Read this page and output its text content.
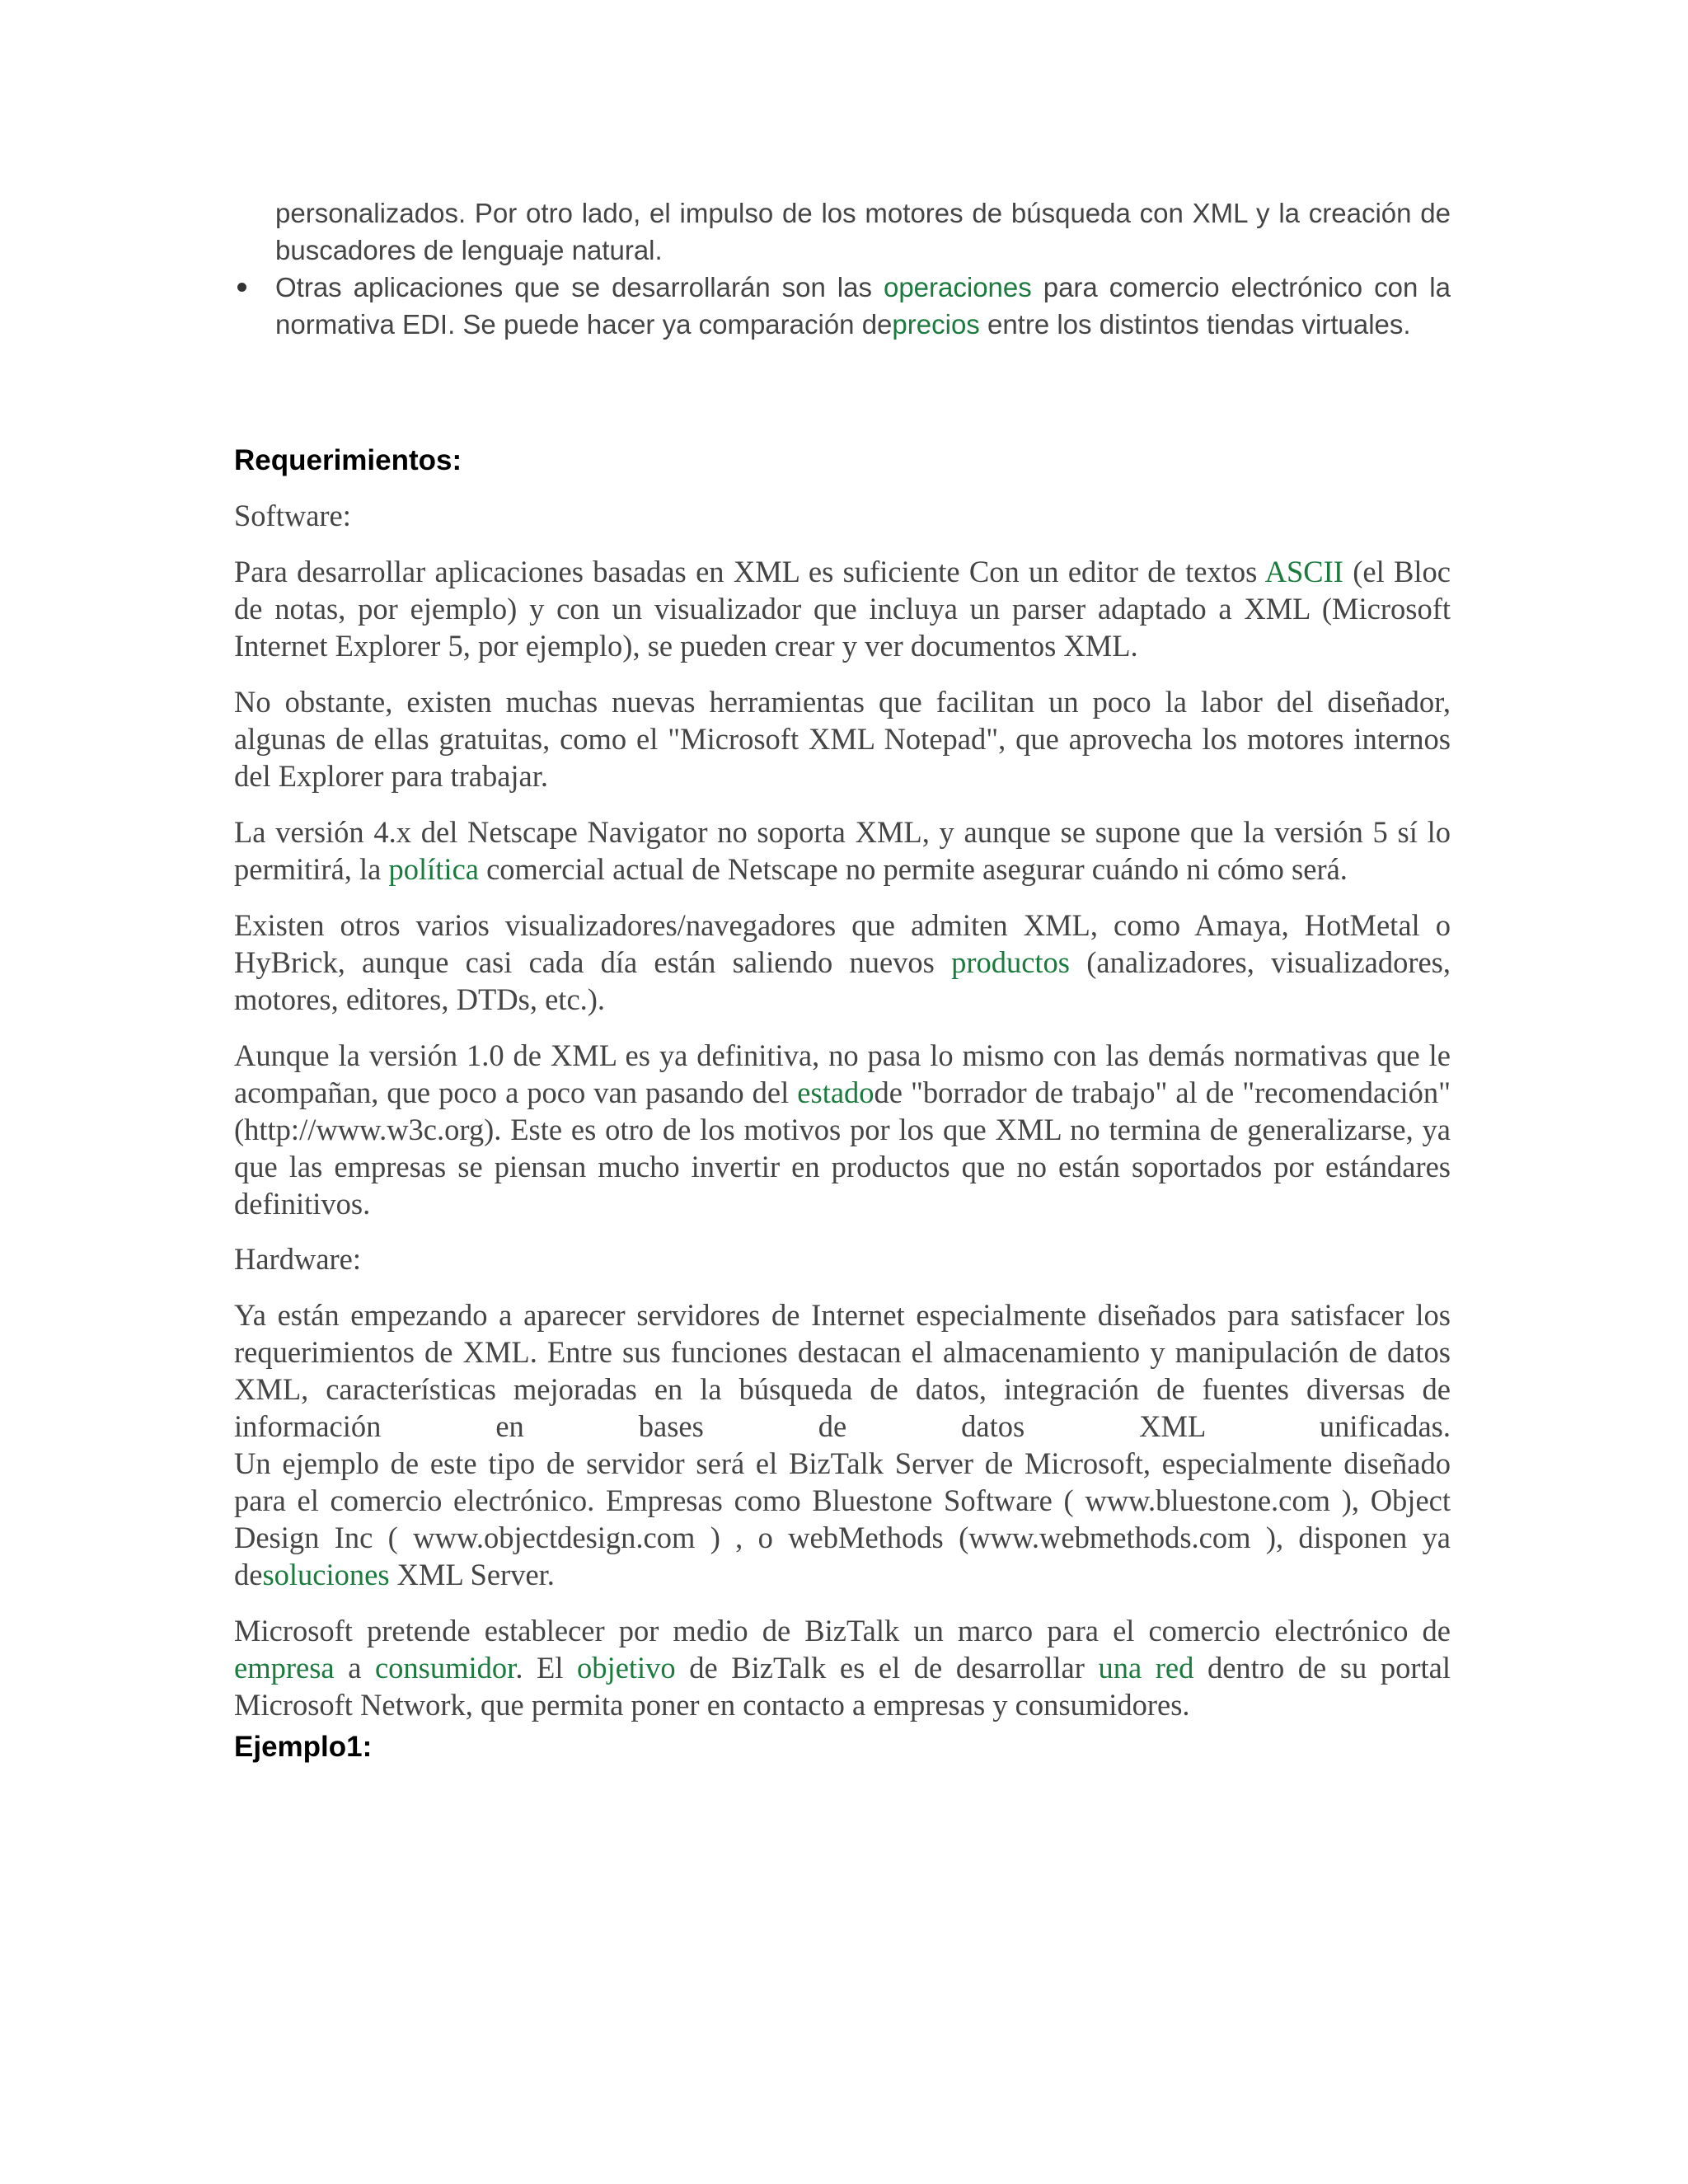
personalizados. Por otro lado, el impulso de los motores de búsqueda con XML y la creación de buscadores de lenguaje natural.

Otras aplicaciones que se desarrollarán son las operaciones para comercio electrónico con la normativa EDI. Se puede hacer ya comparación deprecios entre los distintos tiendas virtuales.
Requerimientos:

Software:

Para desarrollar aplicaciones basadas en XML es suficiente Con un editor de textos ASCII (el Bloc de notas, por ejemplo) y con un visualizador que incluya un parser adaptado a XML (Microsoft Internet Explorer 5, por ejemplo), se pueden crear y ver documentos XML.

No obstante, existen muchas nuevas herramientas que facilitan un poco la labor del diseñador, algunas de ellas gratuitas, como el "Microsoft XML Notepad", que aprovecha los motores internos del Explorer para trabajar.

La versión 4.x del Netscape Navigator no soporta XML, y aunque se supone que la versión 5 sí lo permitirá, la política comercial actual de Netscape no permite asegurar cuándo ni cómo será.

Existen otros varios visualizadores/navegadores que admiten XML, como Amaya, HotMetal o HyBrick, aunque casi cada día están saliendo nuevos productos (analizadores, visualizadores, motores, editores, DTDs, etc.).

Aunque la versión 1.0 de XML es ya definitiva, no pasa lo mismo con las demás normativas que le acompañan, que poco a poco van pasando del estadode "borrador de trabajo" al de "recomendación" (http://www.w3c.org). Este es otro de los motivos por los que XML no termina de generalizarse, ya que las empresas se piensan mucho invertir en productos que no están soportados por estándares definitivos.

Hardware:

Ya están empezando a aparecer servidores de Internet especialmente diseñados para satisfacer los requerimientos de XML. Entre sus funciones destacan el almacenamiento y manipulación de datos XML, características mejoradas en la búsqueda de datos, integración de fuentes diversas de información en bases de datos XML unificadas.

Un ejemplo de este tipo de servidor será el BizTalk Server de Microsoft, especialmente diseñado para el comercio electrónico. Empresas como Bluestone Software ( www.bluestone.com ), Object Design Inc ( www.objectdesign.com ) , o webMethods (www.webmethods.com ), disponen ya desoluciones XML Server.

Microsoft pretende establecer por medio de BizTalk un marco para el comercio electrónico de empresa a consumidor. El objetivo de BizTalk es el de desarrollar una red dentro de su portal Microsoft Network, que permita poner en contacto a empresas y consumidores.

Ejemplo1:
